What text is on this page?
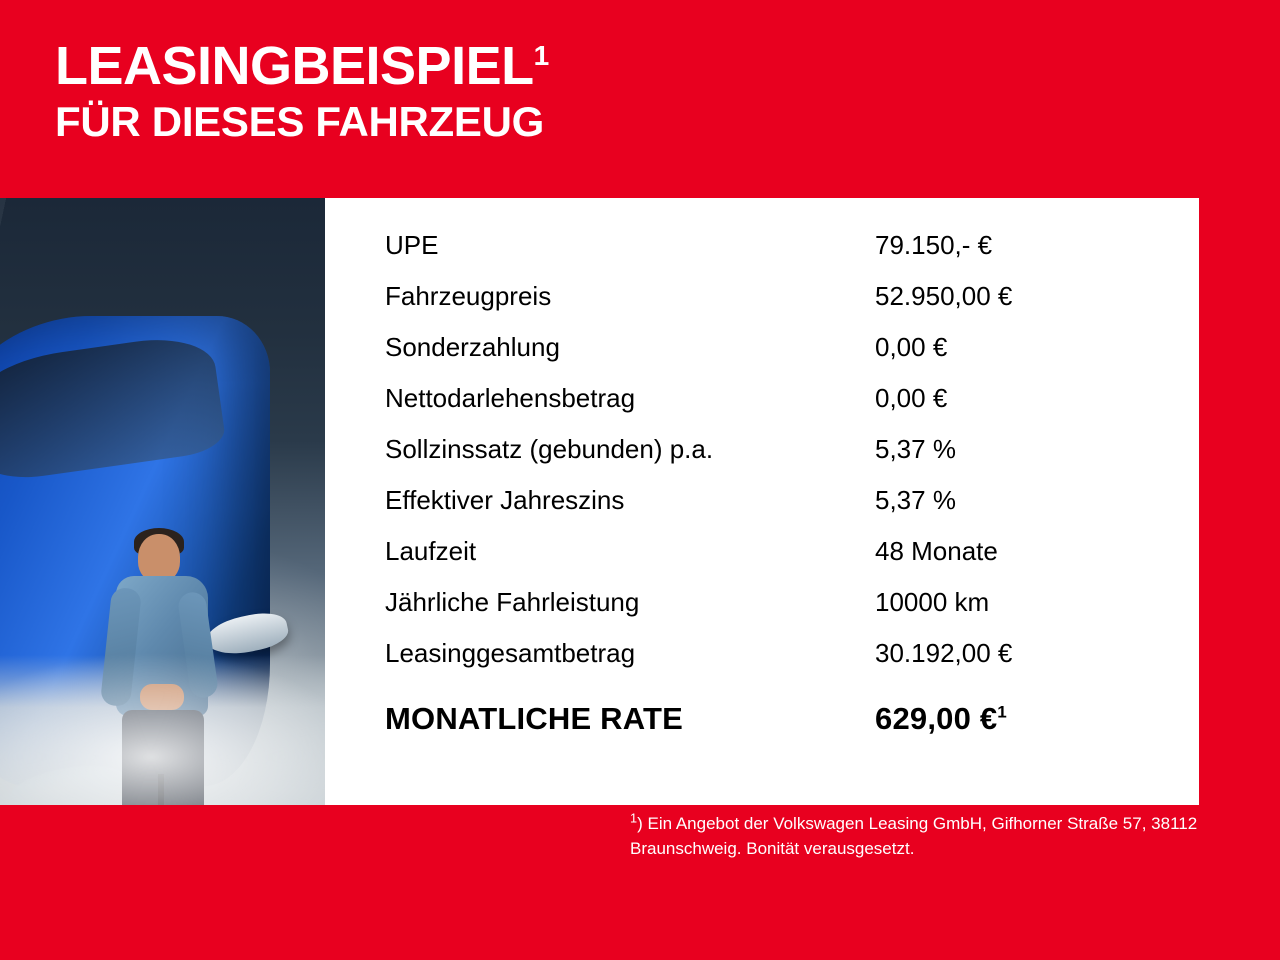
LEASINGBEISPIEL$^1$
FÜR DIESES FAHRZEUG
UPE	79.150,- €
Fahrzeugpreis	52.950,00 €
Sonderzahlung	0,00 €
Nettodarlehensbetrag	0,00 €
Sollzinssatz (gebunden) p.a.	5,37 %
Effektiver Jahreszins	5,37 %
Laufzeit	48 Monate
Jährliche Fahrleistung	10000 km
Leasinggesamtbetrag	30.192,00 €
MONATLICHE RATE	629,00 €$^1$
$^1$) Ein Angebot der Volkswagen Leasing GmbH, Gifhorner Straße 57, 38112 Braunschweig. Bonität verausgesetzt.
